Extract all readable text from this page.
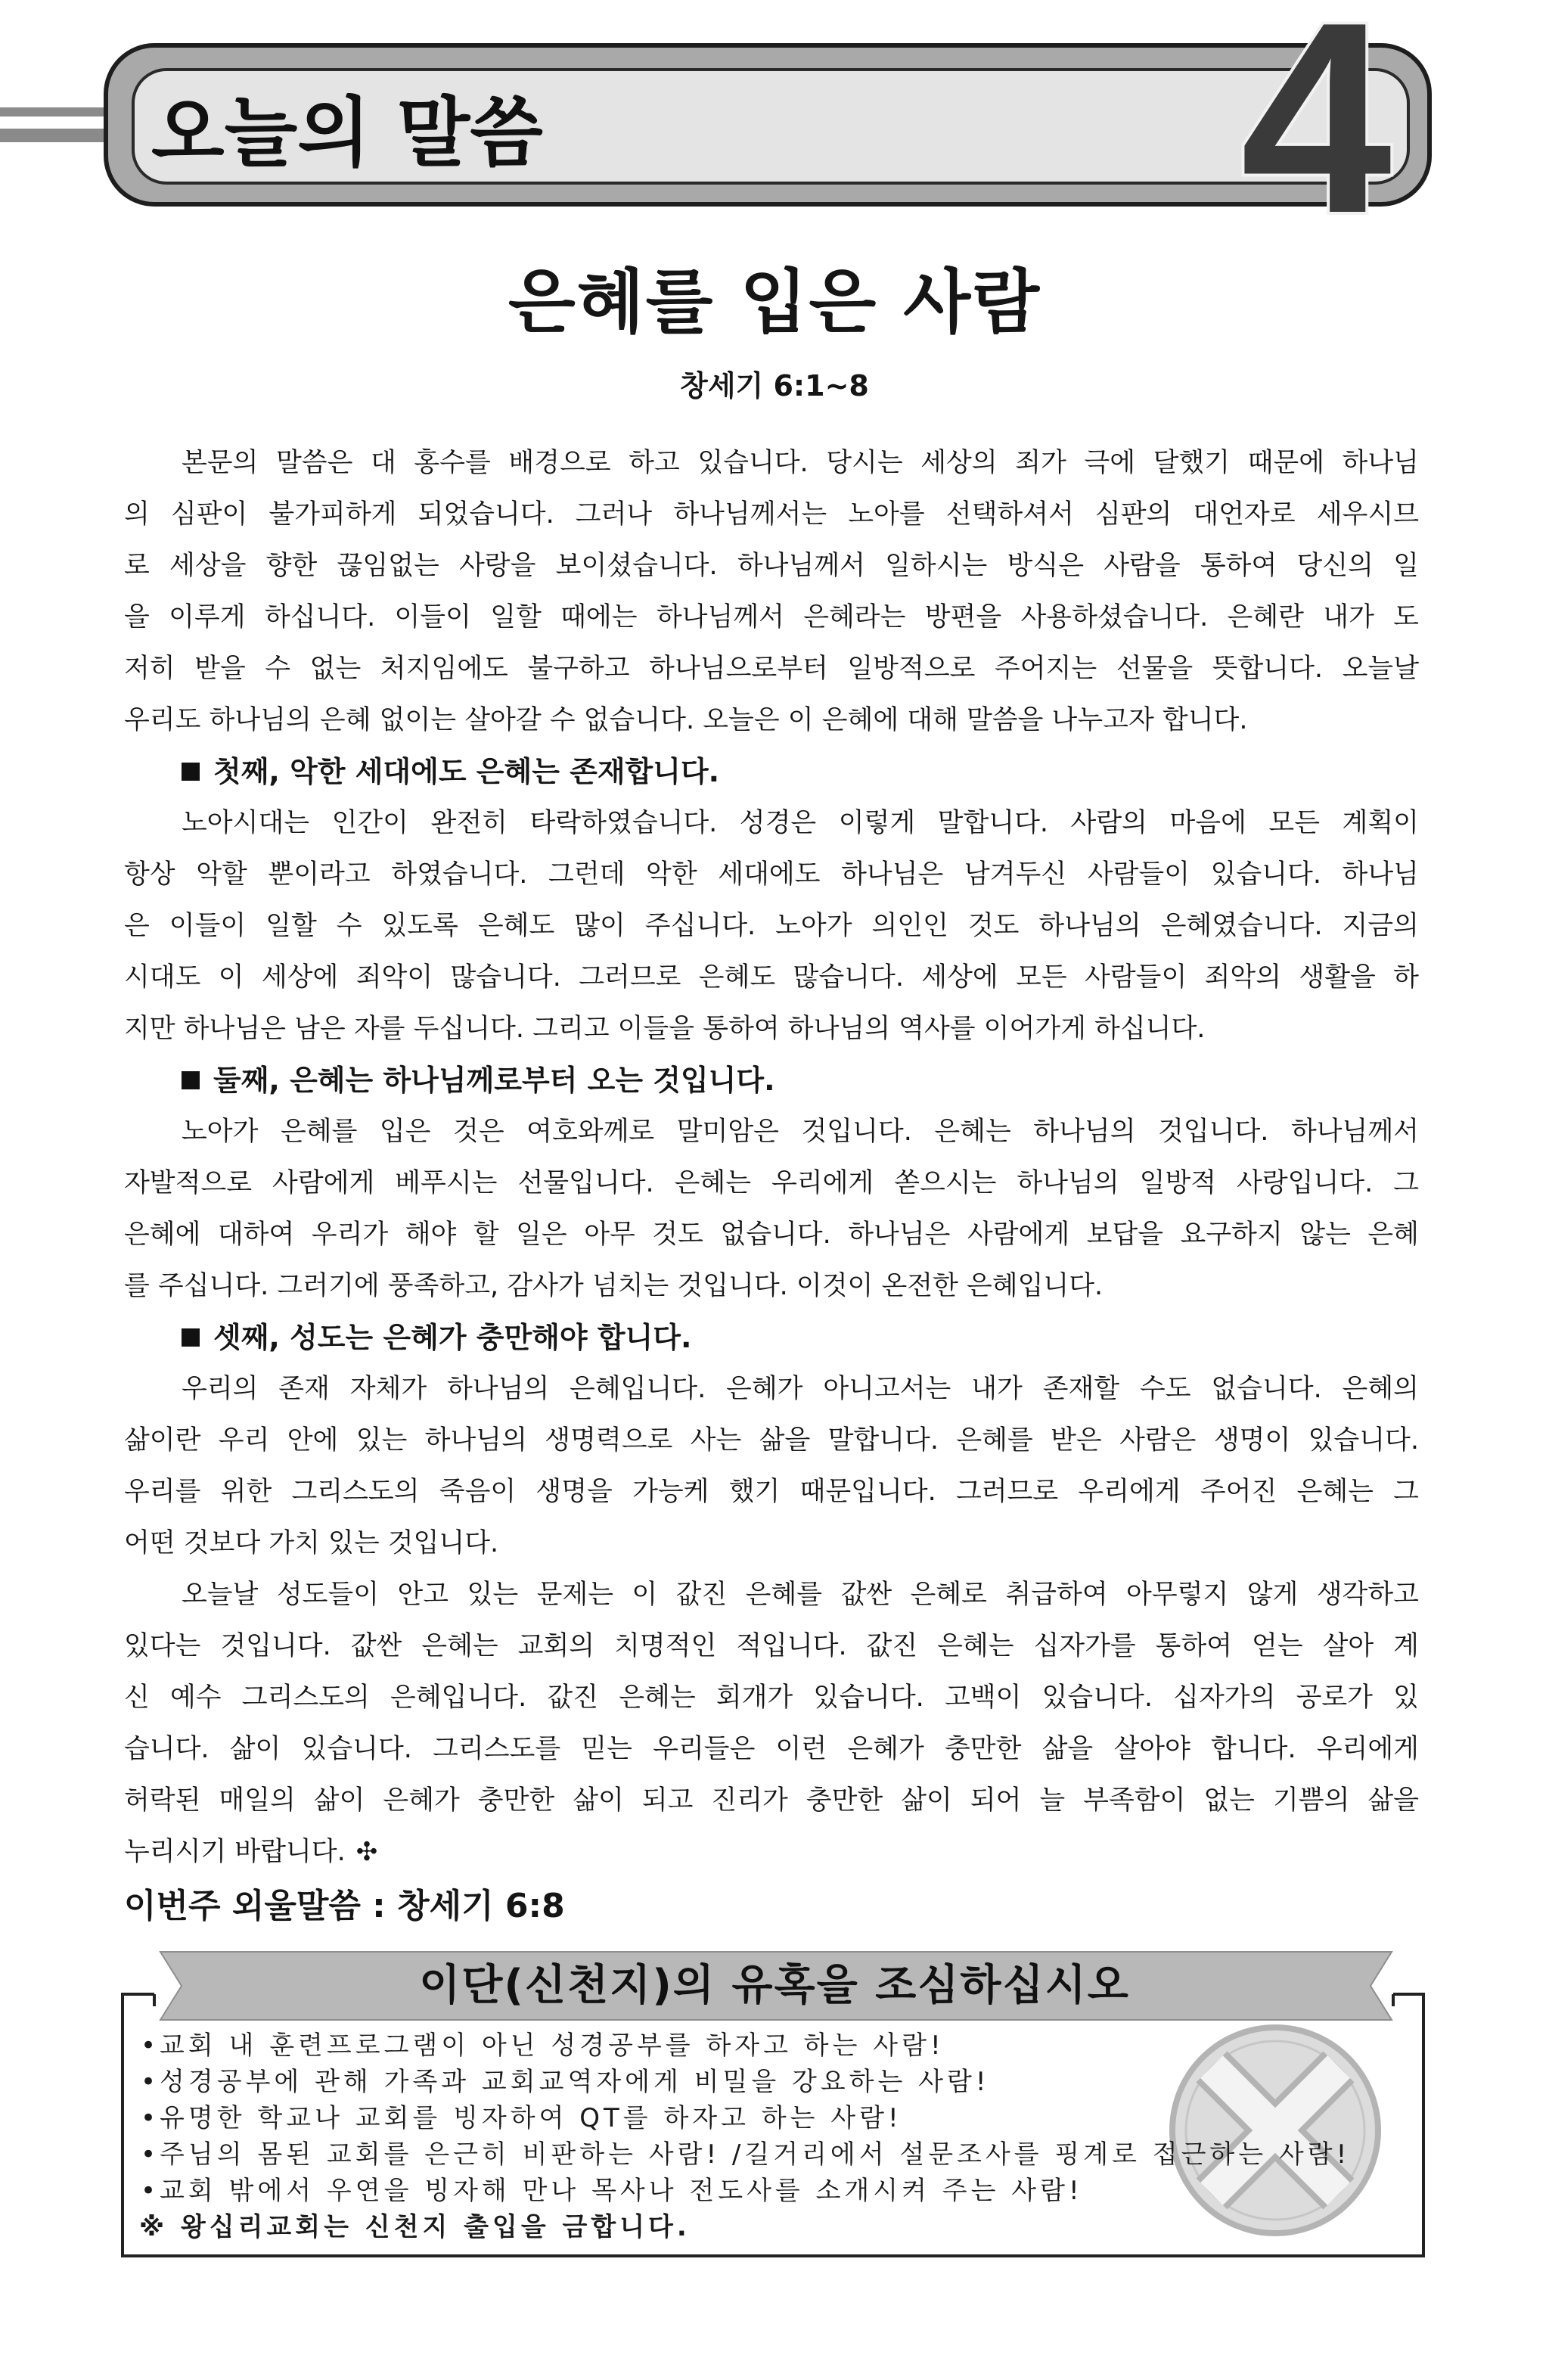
오늘의 말씀	4
은혜를 입은 사람
창세기 6:1~8
본문의 말씀은 대 홍수를 배경으로 하고 있습니다. 당시는 세상의 죄가 극에 달했기 때문에 하나님
의 심판이 불가피하게 되었습니다. 그러나 하나님께서는 노아를 선택하셔서 심판의 대언자로 세우시므
로 세상을 향한 끊임없는 사랑을 보이셨습니다. 하나님께서 일하시는 방식은 사람을 통하여 당신의 일
을 이루게 하십니다. 이들이 일할 때에는 하나님께서 은혜라는 방편을 사용하셨습니다. 은혜란 내가 도
저히 받을 수 없는 처지임에도 불구하고 하나님으로부터 일방적으로 주어지는 선물을 뜻합니다. 오늘날
우리도 하나님의 은혜 없이는 살아갈 수 없습니다. 오늘은 이 은혜에 대해 말씀을 나누고자 합니다.
첫째, 악한 세대에도 은혜는 존재합니다.
노아시대는 인간이 완전히 타락하였습니다. 성경은 이렇게 말합니다. 사람의 마음에 모든 계획이
항상 악할 뿐이라고 하였습니다. 그런데 악한 세대에도 하나님은 남겨두신 사람들이 있습니다. 하나님
은 이들이 일할 수 있도록 은혜도 많이 주십니다. 노아가 의인인 것도 하나님의 은혜였습니다. 지금의
시대도 이 세상에 죄악이 많습니다. 그러므로 은혜도 많습니다. 세상에 모든 사람들이 죄악의 생활을 하
지만 하나님은 남은 자를 두십니다. 그리고 이들을 통하여 하나님의 역사를 이어가게 하십니다.
둘째, 은혜는 하나님께로부터 오는 것입니다.
노아가 은혜를 입은 것은 여호와께로 말미암은 것입니다. 은혜는 하나님의 것입니다. 하나님께서
자발적으로 사람에게 베푸시는 선물입니다. 은혜는 우리에게 쏟으시는 하나님의 일방적 사랑입니다. 그
은혜에 대하여 우리가 해야 할 일은 아무 것도 없습니다. 하나님은 사람에게 보답을 요구하지 않는 은혜
를 주십니다. 그러기에 풍족하고, 감사가 넘치는 것입니다. 이것이 온전한 은혜입니다.
셋째, 성도는 은혜가 충만해야 합니다.
우리의 존재 자체가 하나님의 은혜입니다. 은혜가 아니고서는 내가 존재할 수도 없습니다. 은혜의
삶이란 우리 안에 있는 하나님의 생명력으로 사는 삶을 말합니다. 은혜를 받은 사람은 생명이 있습니다.
우리를 위한 그리스도의 죽음이 생명을 가능케 했기 때문입니다. 그러므로 우리에게 주어진 은혜는 그
어떤 것보다 가치 있는 것입니다.
오늘날 성도들이 안고 있는 문제는 이 값진 은혜를 값싼 은혜로 취급하여 아무렇지 않게 생각하고
있다는 것입니다. 값싼 은혜는 교회의 치명적인 적입니다. 값진 은혜는 십자가를 통하여 얻는 살아 계
신 예수 그리스도의 은혜입니다. 값진 은혜는 회개가 있습니다. 고백이 있습니다. 십자가의 공로가 있
습니다. 삶이 있습니다. 그리스도를 믿는 우리들은 이런 은혜가 충만한 삶을 살아야 합니다. 우리에게
허락된 매일의 삶이 은혜가 충만한 삶이 되고 진리가 충만한 삶이 되어 늘 부족함이 없는 기쁨의 삶을
누리시기 바랍니다. ✣
이번주 외울말씀 : 창세기 6:8
이단(신천지)의 유혹을 조심하십시오
•교회 내 훈련프로그램이 아닌 성경공부를 하자고 하는 사람!
•성경공부에 관해 가족과 교회교역자에게 비밀을 강요하는 사람!
•유명한 학교나 교회를 빙자하여 QT를 하자고 하는 사람!
•주님의 몸된 교회를 은근히 비판하는 사람! /길거리에서 설문조사를 핑계로 접근하는 사람!
•교회 밖에서 우연을 빙자해 만나 목사나 전도사를 소개시켜 주는 사람!
※ 왕십리교회는 신천지 출입을 금합니다.
